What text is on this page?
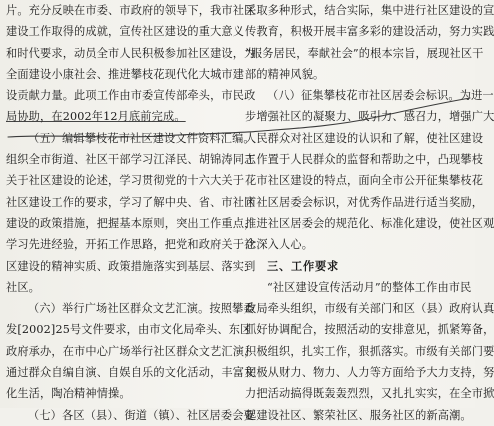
片。充分反映在市委、市政府的领导下，我市社区
建设工作取得的成就，宣传社区建设的重大意义
和时代要求，动员全市人民积极参加社区建设，为
全面建设小康社会、推进攀枝花现代化大城市建
设贡献力量。此项工作由市委宣传部牵头，市民政
局协助，在2002年12月底前完成。
（五）编辑攀枝花市社区建设文件资料汇编。
组织全市街道、社区干部学习江泽民、胡锦涛同志
关于社区建设的论述，学习贯彻党的十六大关于
社区建设工作的要求，学习了解中央、省、市社区
建设的政策措施，把握基本原则，突出工作重点，
学习先进经验，开拓工作思路，把党和政府关于社
区建设的精神实质、政策措施落实到基层、落实到
社区。
（六）举行广场社区群众文艺汇演。按照攀委
发[2002]25号文件要求，由市文化局牵头、东区
政府承办，在市中心广场举行社区群众文艺汇演，
通过群众自编自演、自娱自乐的文化活动，丰富文
化生活，陶冶精神情操。
（七）各区（县）、街道（镇）、社区居委会要
采取多种形式，结合实际，集中进行社区建设的宣
传教育，积极开展丰富多彩的建设活动，努力实践
“服务居民，奉献社会”的根本宗旨，展现社区干
部的精神风貌。
（八）征集攀枝花市社区居委会标识。为进一
步增强社区的凝聚力、吸引力、感召力，增强广大
人民群众对社区建设的认识和了解，使社区建设
工作置于人民群众的监督和帮助之中，凸现攀枝
花市社区建设的特点，面向全市公开征集攀枝花
市社区居委会标识，对优秀作品进行适当奖励，
推进社区居委会的规范化、标准化建设，使社区观
念深入人心。
三、工作要求
“社区建设宣传活动月”的整体工作由市民
政局牵头组织，市级有关部门和区（县）政府认真
抓好协调配合，按照活动的安排意见，抓紧筹备，
积极组织，扎实工作，狠抓落实。市级有关部门要
积极从财力、物力、人力等方面给予大力支持，努
力把活动搞得既轰轰烈烈，又扎扎实实，在全市掀
起建设社区、繁荣社区、服务社区的新高潮。
